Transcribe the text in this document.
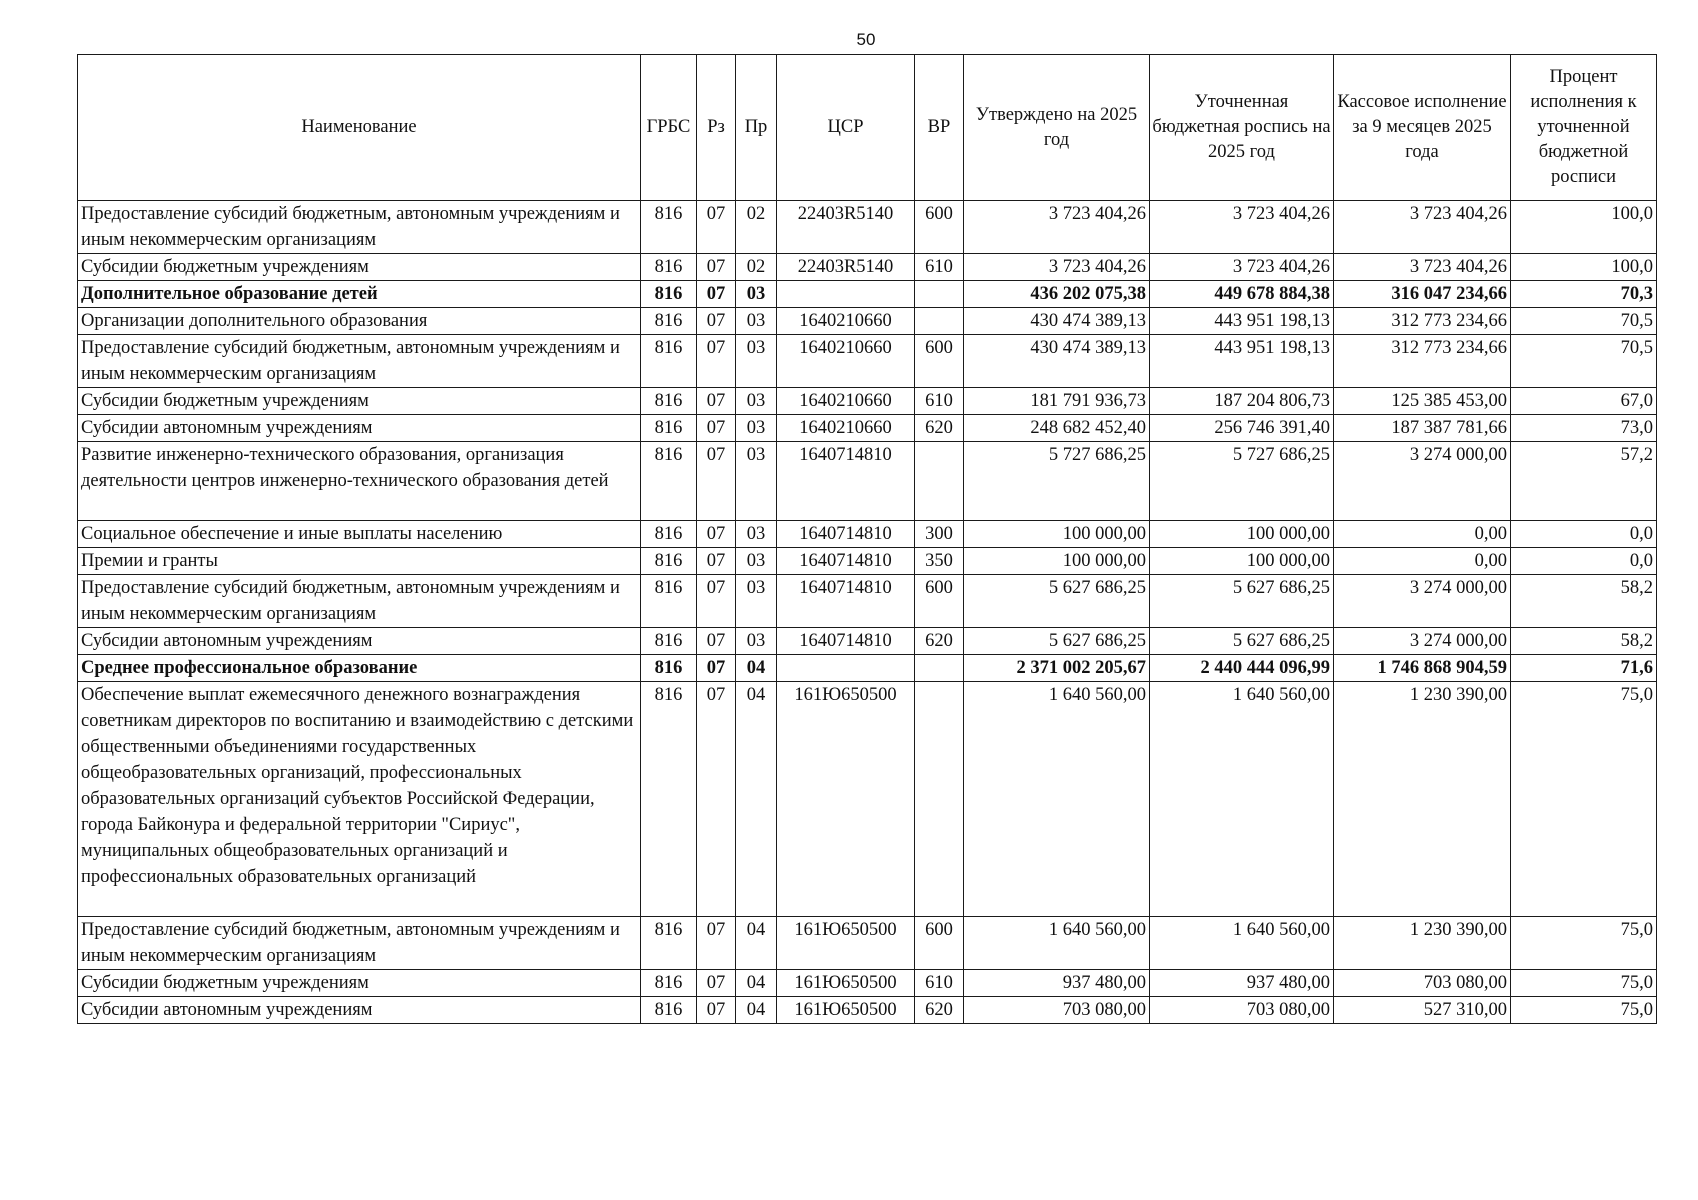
50
Наименование	ГРБС	Рз	Пр	ЦСР	ВР	Утверждено на 2025 год	Уточненная бюджетная роспись на 2025 год	Кассовое исполнение за 9 месяцев 2025 года	Процент исполнения к уточненной бюджетной росписи
Предоставление субсидий бюджетным, автономным учреждениям и иным некоммерческим организациям	816	07	02	22403R5140	600	3 723 404,26	3 723 404,26	3 723 404,26	100,0
Субсидии бюджетным учреждениям	816	07	02	22403R5140	610	3 723 404,26	3 723 404,26	3 723 404,26	100,0
Дополнительное образование детей	816	07	03			436 202 075,38	449 678 884,38	316 047 234,66	70,3
Организации дополнительного образования	816	07	03	1640210660		430 474 389,13	443 951 198,13	312 773 234,66	70,5
Предоставление субсидий бюджетным, автономным учреждениям и иным некоммерческим организациям	816	07	03	1640210660	600	430 474 389,13	443 951 198,13	312 773 234,66	70,5
Субсидии бюджетным учреждениям	816	07	03	1640210660	610	181 791 936,73	187 204 806,73	125 385 453,00	67,0
Субсидии автономным учреждениям	816	07	03	1640210660	620	248 682 452,40	256 746 391,40	187 387 781,66	73,0
Развитие инженерно-технического образования, организация деятельности центров инженерно-технического образования детей	816	07	03	1640714810		5 727 686,25	5 727 686,25	3 274 000,00	57,2
Социальное обеспечение и иные выплаты населению	816	07	03	1640714810	300	100 000,00	100 000,00	0,00	0,0
Премии и гранты	816	07	03	1640714810	350	100 000,00	100 000,00	0,00	0,0
Предоставление субсидий бюджетным, автономным учреждениям и иным некоммерческим организациям	816	07	03	1640714810	600	5 627 686,25	5 627 686,25	3 274 000,00	58,2
Субсидии автономным учреждениям	816	07	03	1640714810	620	5 627 686,25	5 627 686,25	3 274 000,00	58,2
Среднее профессиональное образование	816	07	04			2 371 002 205,67	2 440 444 096,99	1 746 868 904,59	71,6
Обеспечение выплат ежемесячного денежного вознаграждения советникам директоров по воспитанию и взаимодействию с детскими общественными объединениями государственных общеобразовательных организаций, профессиональных образовательных организаций субъектов Российской Федерации, города Байконура и федеральной территории "Сириус", муниципальных общеобразовательных организаций и профессиональных образовательных организаций	816	07	04	161Ю650500		1 640 560,00	1 640 560,00	1 230 390,00	75,0
Предоставление субсидий бюджетным, автономным учреждениям и иным некоммерческим организациям	816	07	04	161Ю650500	600	1 640 560,00	1 640 560,00	1 230 390,00	75,0
Субсидии бюджетным учреждениям	816	07	04	161Ю650500	610	937 480,00	937 480,00	703 080,00	75,0
Субсидии автономным учреждениям	816	07	04	161Ю650500	620	703 080,00	703 080,00	527 310,00	75,0
